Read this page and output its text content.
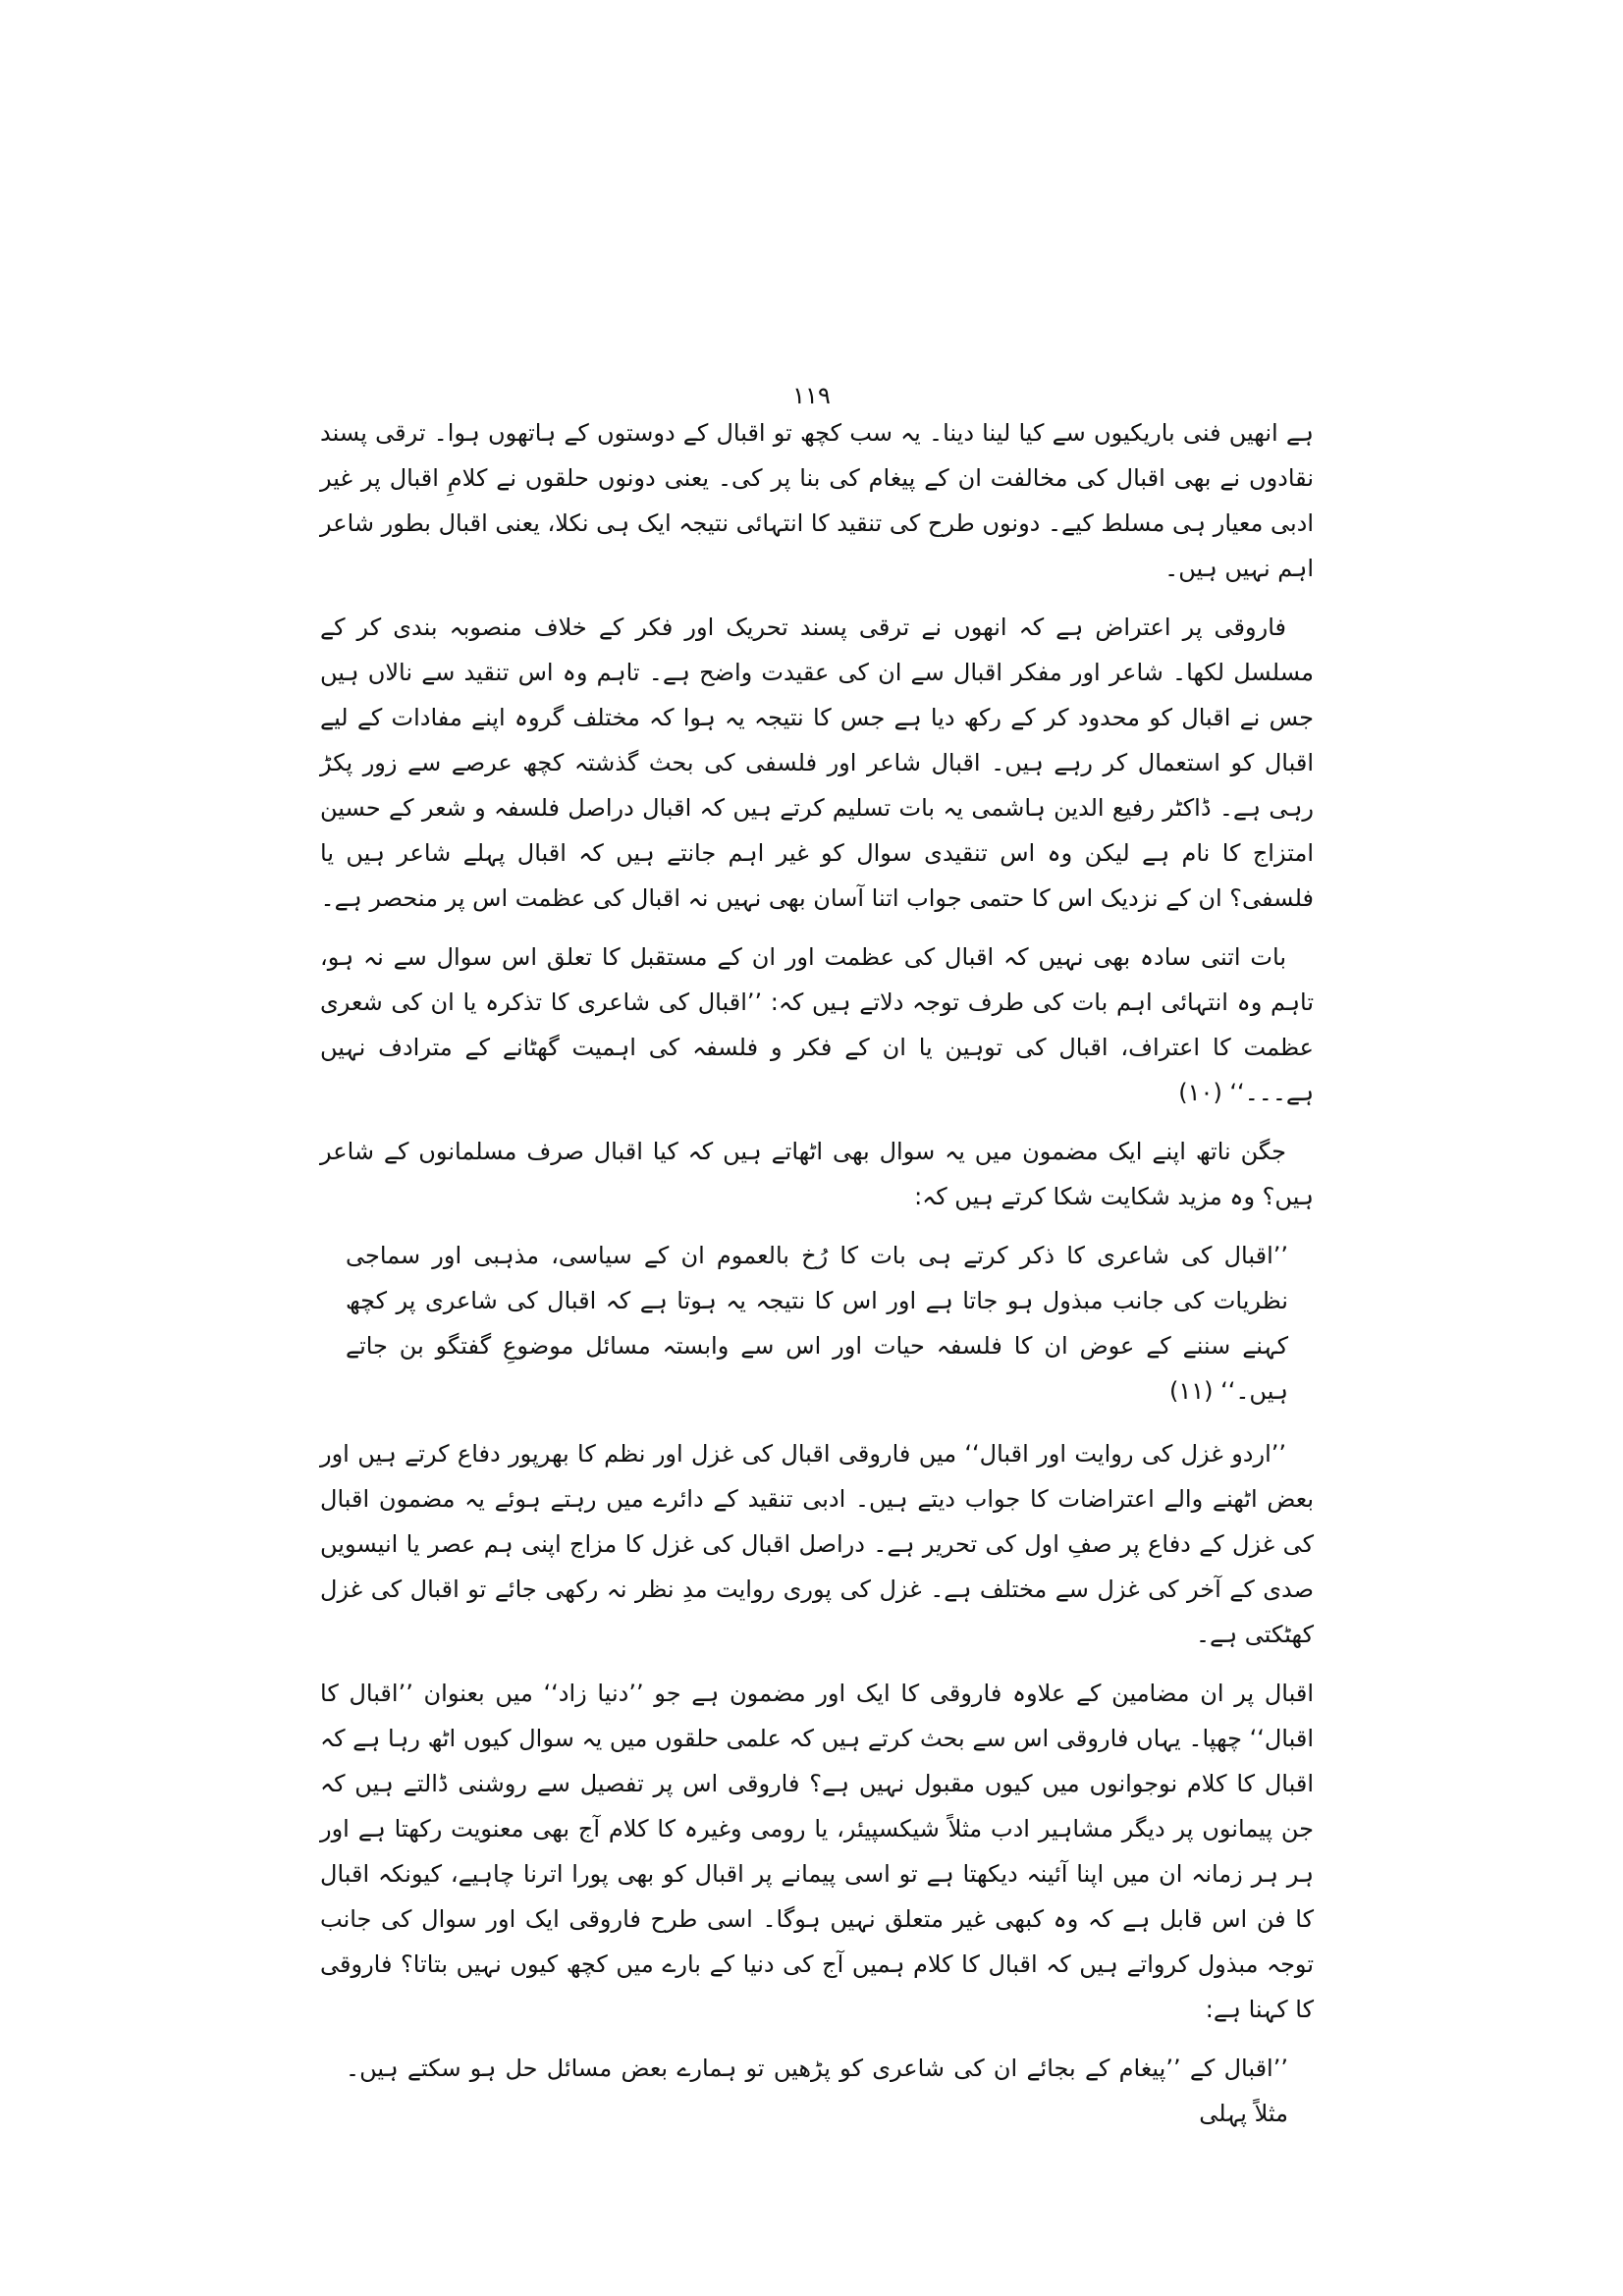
۱۱۹

ہے انھیں فنی باریکیوں سے کیا لینا دینا۔ یہ سب کچھ تو اقبال کے دوستوں کے ہاتھوں ہوا۔ ترقی پسند نقادوں نے بھی اقبال کی مخالفت ان کے پیغام کی بنا پر کی۔ یعنی دونوں حلقوں نے کلامِ اقبال پر غیر ادبی معیار ہی مسلط کیے۔ دونوں طرح کی تنقید کا انتہائی نتیجہ ایک ہی نکلا، یعنی اقبال بطور شاعر اہم نہیں ہیں۔

فاروقی پر اعتراض ہے کہ انھوں نے ترقی پسند تحریک اور فکر کے خلاف منصوبہ بندی کر کے مسلسل لکھا۔ شاعر اور مفکر اقبال سے ان کی عقیدت واضح ہے۔ تاہم وہ اس تنقید سے نالاں ہیں جس نے اقبال کو محدود کر کے رکھ دیا ہے جس کا نتیجہ یہ ہوا کہ مختلف گروہ اپنے مفادات کے لیے اقبال کو استعمال کر رہے ہیں۔ اقبال شاعر اور فلسفی کی بحث گذشتہ کچھ عرصے سے زور پکڑ رہی ہے۔ ڈاکٹر رفیع الدین ہاشمی یہ بات تسلیم کرتے ہیں کہ اقبال دراصل فلسفہ و شعر کے حسین امتزاج کا نام ہے لیکن وہ اس تنقیدی سوال کو غیر اہم جانتے ہیں کہ اقبال پہلے شاعر ہیں یا فلسفی؟ ان کے نزدیک اس کا حتمی جواب اتنا آسان بھی نہیں نہ اقبال کی عظمت اس پر منحصر ہے۔

بات اتنی سادہ بھی نہیں کہ اقبال کی عظمت اور ان کے مستقبل کا تعلق اس سوال سے نہ ہو، تاہم وہ انتہائی اہم بات کی طرف توجہ دلاتے ہیں کہ: ’’اقبال کی شاعری کا تذکرہ یا ان کی شعری عظمت کا اعتراف، اقبال کی توہین یا ان کے فکر و فلسفہ کی اہمیت گھٹانے کے مترادف نہیں ہے۔۔۔‘‘ (۱۰)

جگن ناتھ اپنے ایک مضمون میں یہ سوال بھی اٹھاتے ہیں کہ کیا اقبال صرف مسلمانوں کے شاعر ہیں؟ وہ مزید شکایت شکا کرتے ہیں کہ:

’’اقبال کی شاعری کا ذکر کرتے ہی بات کا رُخ بالعموم ان کے سیاسی، مذہبی اور سماجی نظریات کی جانب مبذول ہو جاتا ہے اور اس کا نتیجہ یہ ہوتا ہے کہ اقبال کی شاعری پر کچھ کہنے سننے کے عوض ان کا فلسفہ حیات اور اس سے وابستہ مسائل موضوعِ گفتگو بن جاتے ہیں۔‘‘ (۱۱)

’’اردو غزل کی روایت اور اقبال‘‘ میں فاروقی اقبال کی غزل اور نظم کا بھرپور دفاع کرتے ہیں اور بعض اٹھنے والے اعتراضات کا جواب دیتے ہیں۔ ادبی تنقید کے دائرے میں رہتے ہوئے یہ مضمون اقبال کی غزل کے دفاع پر صفِ اول کی تحریر ہے۔ دراصل اقبال کی غزل کا مزاج اپنی ہم عصر یا انیسویں صدی کے آخر کی غزل سے مختلف ہے۔ غزل کی پوری روایت مدِ نظر نہ رکھی جائے تو اقبال کی غزل کھٹکتی ہے۔

اقبال پر ان مضامین کے علاوہ فاروقی کا ایک اور مضمون ہے جو ’’دنیا زاد‘‘ میں بعنوان ’’اقبال کا اقبال‘‘ چھپا۔ یہاں فاروقی اس سے بحث کرتے ہیں کہ علمی حلقوں میں یہ سوال کیوں اٹھ رہا ہے کہ اقبال کا کلام نوجوانوں میں کیوں مقبول نہیں ہے؟ فاروقی اس پر تفصیل سے روشنی ڈالتے ہیں کہ جن پیمانوں پر دیگر مشاہیر ادب مثلاً شیکسپیئر، یا رومی وغیرہ کا کلام آج بھی معنویت رکھتا ہے اور ہر ہر زمانہ ان میں اپنا آئینہ دیکھتا ہے تو اسی پیمانے پر اقبال کو بھی پورا اترنا چاہیے، کیونکہ اقبال کا فن اس قابل ہے کہ وہ کبھی غیر متعلق نہیں ہوگا۔ اسی طرح فاروقی ایک اور سوال کی جانب توجہ مبذول کرواتے ہیں کہ اقبال کا کلام ہمیں آج کی دنیا کے بارے میں کچھ کیوں نہیں بتاتا؟ فاروقی کا کہنا ہے:

’’اقبال کے ’’پیغام کے بجائے ان کی شاعری کو پڑھیں تو ہمارے بعض مسائل حل ہو سکتے ہیں۔ مثلاً پہلی
